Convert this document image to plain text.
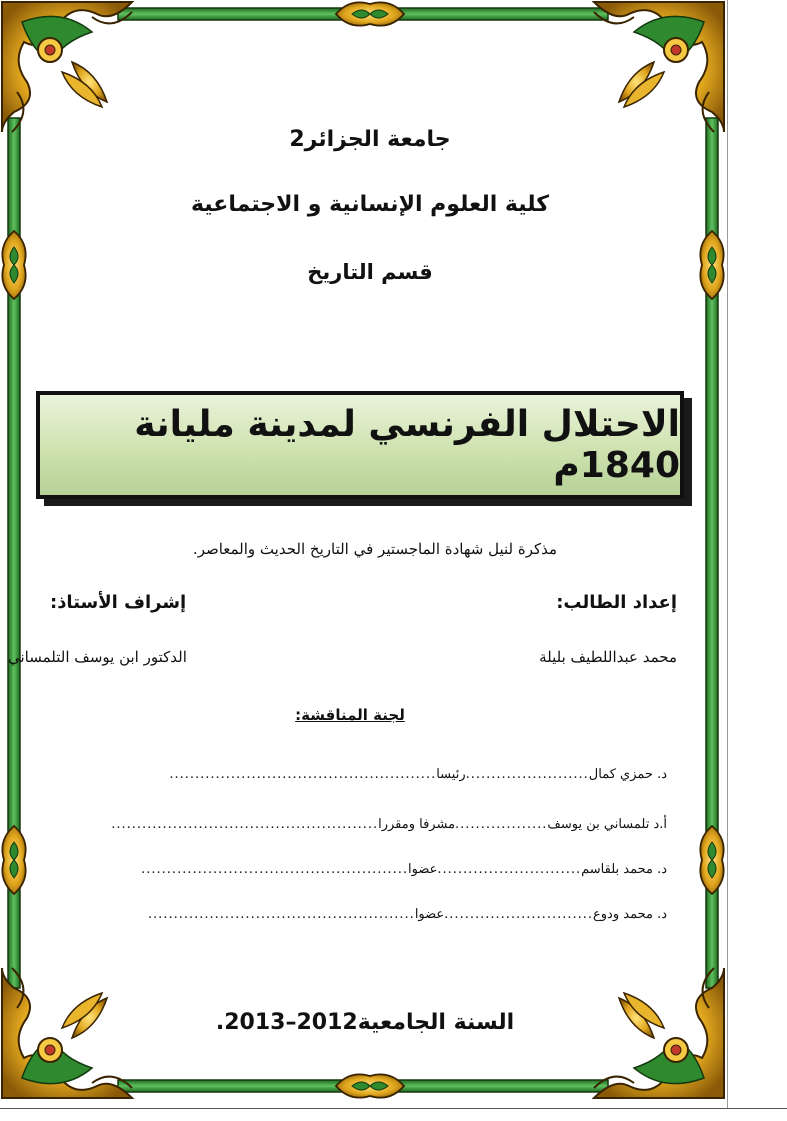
جامعة الجزائر2
كلية العلوم الإنسانية و الاجتماعية
قسم التاريخ
الاحتلال الفرنسي لمدينة مليانة 1840م
مذكرة لنيل شهادة الماجستير في التاريخ الحديث والمعاصر.
إعداد الطالب:
إشراف الأستاذ:
محمد عبداللطيف بليلة
الدكتور ابن يوسف التلمساني
لجنة المناقشة:
د. حمزي كمال
........................
رئيسا
....................................................
أ.د تلمساني بن يوسف
..................
مشرفا ومقررا
....................................................
د. محمد بلقاسم
............................
عضوا
....................................................
د. محمد ودوع
.............................
عضوا
....................................................
السنة الجامعية2012–2013.
